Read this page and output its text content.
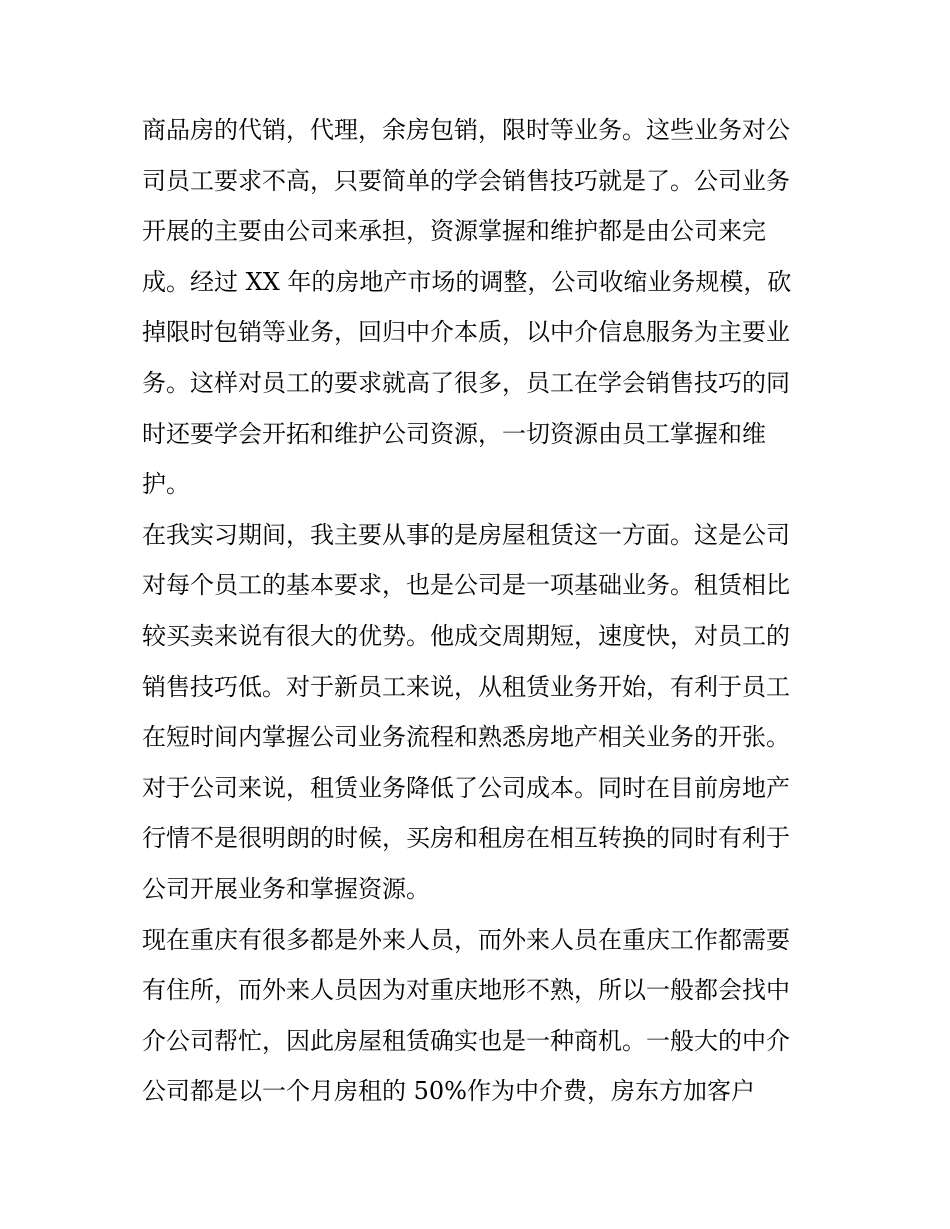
商品房的代销，代理，余房包销，限时等业务。这些业务对公
司员工要求不高，只要简单的学会销售技巧就是了。公司业务
开展的主要由公司来承担，资源掌握和维护都是由公司来完
成。经过 XX 年的房地产市场的调整，公司收缩业务规模，砍
掉限时包销等业务，回归中介本质，以中介信息服务为主要业
务。这样对员工的要求就高了很多，员工在学会销售技巧的同
时还要学会开拓和维护公司资源，一切资源由员工掌握和维
护。
在我实习期间，我主要从事的是房屋租赁这一方面。这是公司
对每个员工的基本要求，也是公司是一项基础业务。租赁相比
较买卖来说有很大的优势。他成交周期短，速度快，对员工的
销售技巧低。对于新员工来说，从租赁业务开始，有利于员工
在短时间内掌握公司业务流程和熟悉房地产相关业务的开张。
对于公司来说，租赁业务降低了公司成本。同时在目前房地产
行情不是很明朗的时候，买房和租房在相互转换的同时有利于
公司开展业务和掌握资源。
现在重庆有很多都是外来人员，而外来人员在重庆工作都需要
有住所，而外来人员因为对重庆地形不熟，所以一般都会找中
介公司帮忙，因此房屋租赁确实也是一种商机。一般大的中介
公司都是以一个月房租的 50%作为中介费，房东方加客户
